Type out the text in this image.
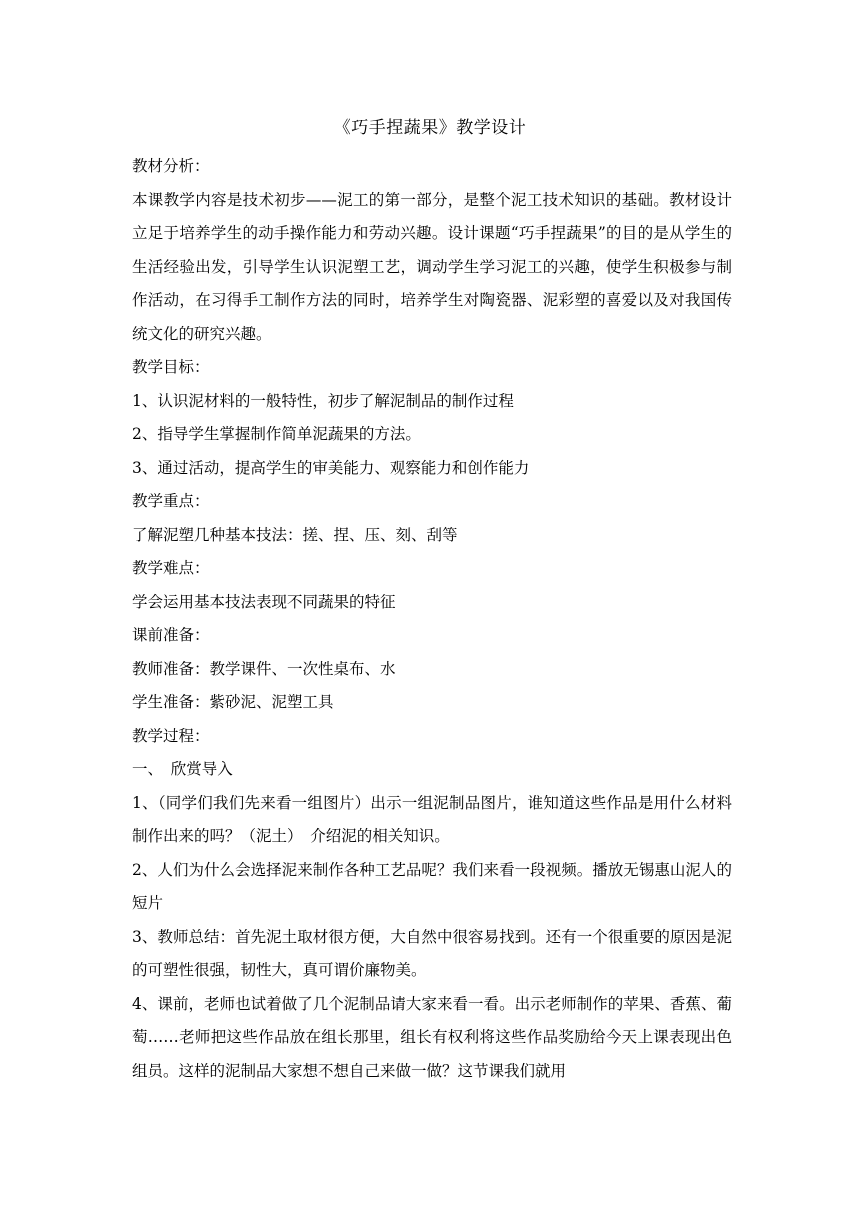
《巧手捏蔬果》教学设计

教材分析：

本课教学内容是技术初步——泥工的第一部分，是整个泥工技术知识的基础。教材设计立足于培养学生的动手操作能力和劳动兴趣。设计课题“巧手捏蔬果”的目的是从学生的生活经验出发，引导学生认识泥塑工艺，调动学生学习泥工的兴趣，使学生积极参与制作活动，在习得手工制作方法的同时，培养学生对陶瓷器、泥彩塑的喜爱以及对我国传统文化的研究兴趣。

教学目标：

1、认识泥材料的一般特性，初步了解泥制品的制作过程

2、指导学生掌握制作简单泥蔬果的方法。

3、通过活动，提高学生的审美能力、观察能力和创作能力

教学重点：

了解泥塑几种基本技法：搓、捏、压、刻、刮等

教学难点：

学会运用基本技法表现不同蔬果的特征

课前准备：

教师准备：教学课件、一次性桌布、水

学生准备：紫砂泥、泥塑工具

教学过程：

一、　欣赏导入

1、（同学们我们先来看一组图片）出示一组泥制品图片，谁知道这些作品是用什么材料制作出来的吗？（泥土）　介绍泥的相关知识。

2、人们为什么会选择泥来制作各种工艺品呢？我们来看一段视频。播放无锡惠山泥人的短片

3、教师总结：首先泥土取材很方便，大自然中很容易找到。还有一个很重要的原因是泥的可塑性很强，韧性大，真可谓价廉物美。

4、课前，老师也试着做了几个泥制品请大家来看一看。出示老师制作的苹果、香蕉、葡萄……老师把这些作品放在组长那里，组长有权利将这些作品奖励给今天上课表现出色组员。这样的泥制品大家想不想自己来做一做？这节课我们就用
